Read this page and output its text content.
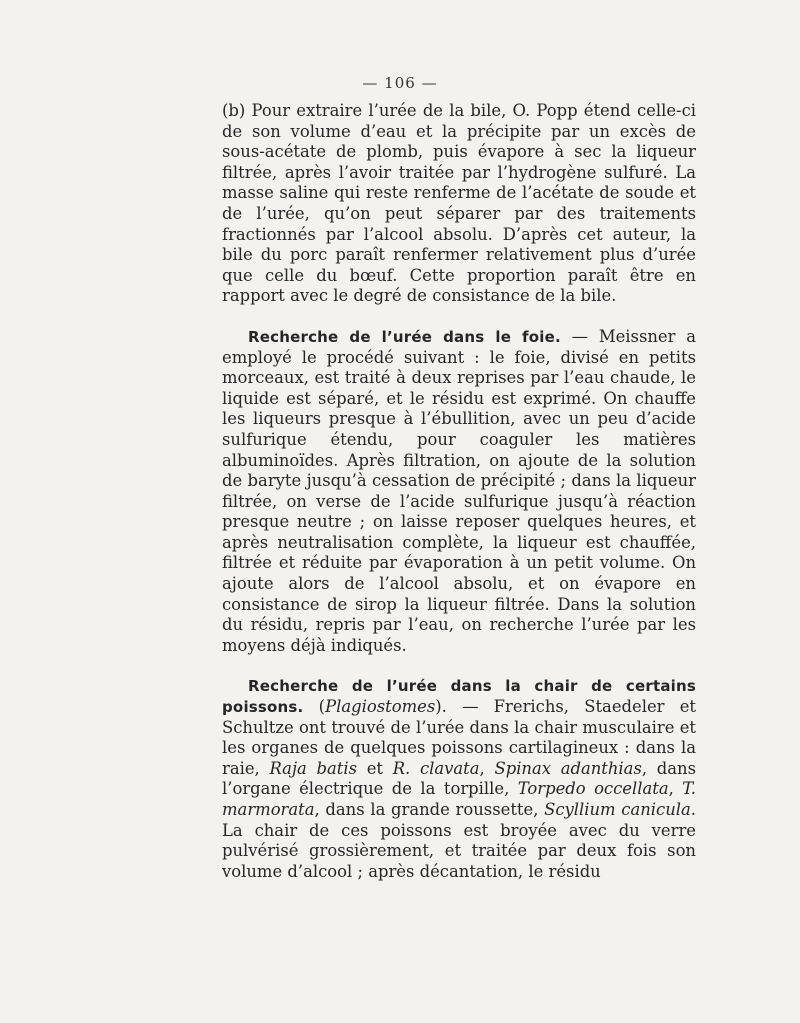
— 106 —

(b) Pour extraire l’urée de la bile, O. Popp étend celle-ci de son volume d’eau et la précipite par un excès de sous-acétate de plomb, puis évapore à sec la liqueur filtrée, après l’avoir traitée par l’hydrogène sulfuré. La masse saline qui reste renferme de l’acétate de soude et de l’urée, qu’on peut séparer par des traitements fractionnés par l’alcool absolu. D’après cet auteur, la bile du porc paraît renfermer relativement plus d’urée que celle du bœuf. Cette proportion paraît être en rapport avec le degré de consistance de la bile.

Recherche de l’urée dans le foie. — Meissner a employé le procédé suivant : le foie, divisé en petits morceaux, est traité à deux reprises par l’eau chaude, le liquide est séparé, et le résidu est exprimé. On chauffe les liqueurs presque à l’ébullition, avec un peu d’acide sulfurique étendu, pour coaguler les matières albuminoïdes. Après filtration, on ajoute de la solution de baryte jusqu’à cessation de précipité ; dans la liqueur filtrée, on verse de l’acide sulfurique jusqu’à réaction presque neutre ; on laisse reposer quelques heures, et après neutralisation complète, la liqueur est chauffée, filtrée et réduite par évaporation à un petit volume. On ajoute alors de l’alcool absolu, et on évapore en consistance de sirop la liqueur filtrée. Dans la solution du résidu, repris par l’eau, on recherche l’urée par les moyens déjà indiqués.

Recherche de l’urée dans la chair de certains poissons. (Plagiostomes). — Frerichs, Staedeler et Schultze ont trouvé de l’urée dans la chair musculaire et les organes de quelques poissons cartilagineux : dans la raie, Raja batis et R. clavata, Spinax adanthias, dans l’organe électrique de la torpille, Torpedo occellata, T. marmorata, dans la grande roussette, Scyllium canicula. La chair de ces poissons est broyée avec du verre pulvérisé grossièrement, et traitée par deux fois son volume d’alcool ; après décantation, le résidu
